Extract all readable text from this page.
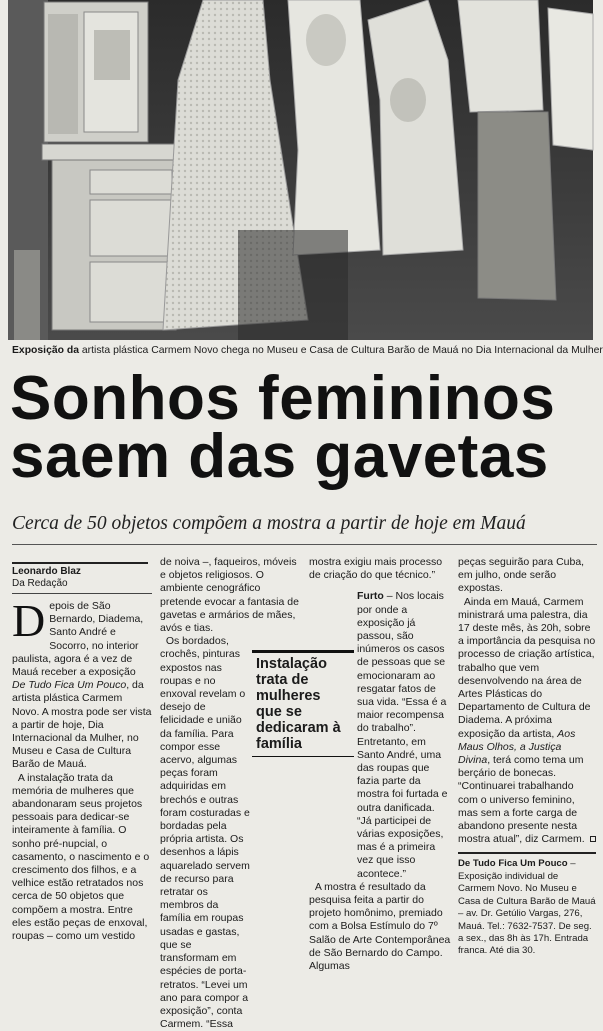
Exposição da artista plástica Carmem Novo chega no Museu e Casa de Cultura Barão de Mauá no Dia Internacional da Mulher
Sonhos femininos
saem das gavetas
Cerca de 50 objetos compõem a mostra a partir de hoje em Mauá
Leonardo Blaz
Da Redação

Depois de São Bernardo, Diadema, Santo André e Socorro, no interior paulista, agora é a vez de Mauá receber a exposição De Tudo Fica Um Pouco, da artista plástica Carmem Novo. A mostra pode ser vista a partir de hoje, Dia Internacional da Mulher, no Museu e Casa de Cultura Barão de Mauá.

A instalação trata da memória de mulheres que abandonaram seus projetos pessoais para dedicar-se inteiramente à família. O sonho pré-nupcial, o casamento, o nascimento e o crescimento dos filhos, e a velhice estão retratados nos cerca de 50 objetos que compõem a mostra. Entre eles estão peças de enxoval, roupas – como um vestido

de noiva –, faqueiros, móveis e objetos religiosos. O ambiente cenográfico pretende evocar a fantasia de gavetas e armários de mães, avós e tias.

Os bordados, crochês, pinturas expostos nas roupas e no enxoval revelam o desejo de felicidade e união da família. Para compor esse acervo, algumas peças foram adquiridas em brechós e outras foram costuradas e bordadas pela própria artista. Os desenhos a lápis aquarelado servem de recurso para retratar os membros da família em roupas usadas e gastas, que se transformam em espécies de porta-retratos. “Levei um ano para compor a exposição”, conta Carmem. “Essa

mostra exigiu mais processo de criação do que técnico.”

Furto – Nos locais por onde a exposição já passou, são inúmeros os casos de pessoas que se emocionaram ao resgatar fatos de sua vida. “Essa é a maior recompensa do trabalho”. Entretanto, em Santo André, uma das roupas que fazia parte da mostra foi furtada e outra danificada. “Já participei de várias exposições, mas é a primeira vez que isso acontece.”

A mostra é resultado da pesquisa feita a partir do projeto homônimo, premiado com a Bolsa Estímulo do 7º Salão de Arte Contemporânea de São Bernardo do Campo. Algumas

peças seguirão para Cuba, em julho, onde serão expostas.

Ainda em Mauá, Carmem ministrará uma palestra, dia 17 deste mês, às 20h, sobre a importância da pesquisa no processo de criação artística, trabalho que vem desenvolvendo na área de Artes Plásticas do Departamento de Cultura de Diadema. A próxima exposição da artista, Aos Maus Olhos, a Justiça Divina, terá como tema um berçário de bonecas. “Continuarei trabalhando com o universo feminino, mas sem a forte carga de abandono presente nesta mostra atual”, diz Carmem.

De Tudo Fica Um Pouco – Exposição individual de Carmem Novo. No Museu e Casa de Cultura Barão de Mauá – av. Dr. Getúlio Vargas, 276, Mauá. Tel.: 7632-7537. De seg. a sex., das 8h às 17h. Entrada franca. Até dia 30.
Instalação trata de mulheres que se dedicaram à família
